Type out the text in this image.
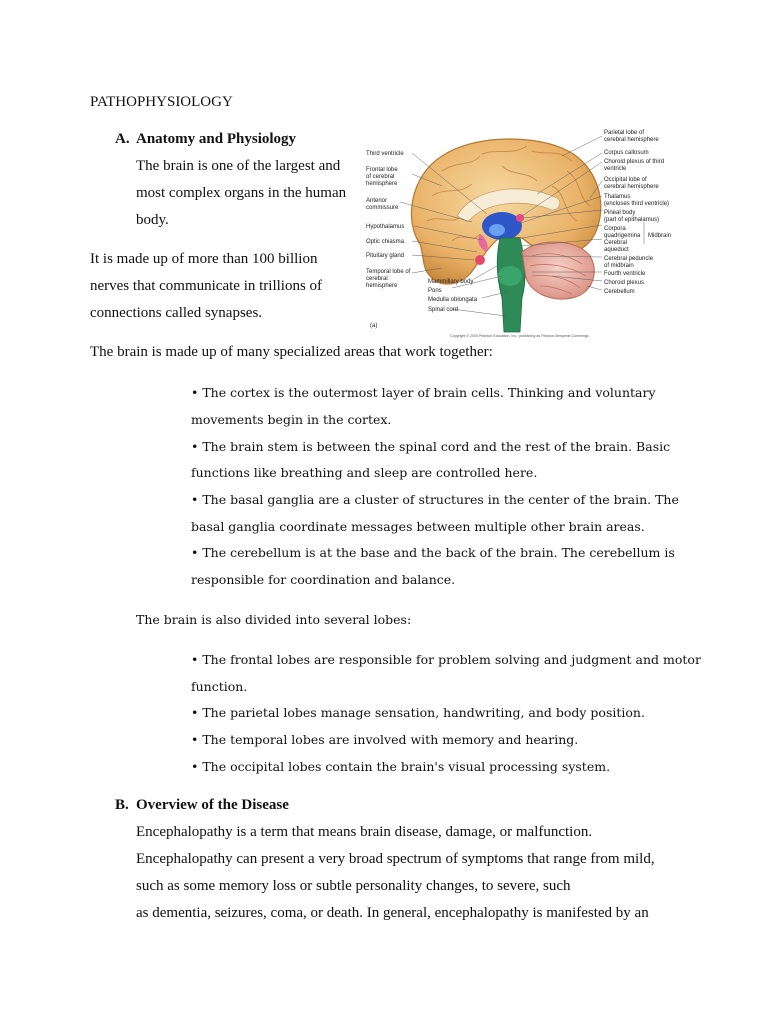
PATHOPHYSIOLOGY
A. Anatomy and Physiology
The brain is one of the largest and
most complex organs in the human
body.
It is made up of more than 100 billion
nerves that communicate in trillions of
connections called synapses.
Third ventricle
Frontal lobe
of cerebral
hemisphere
Anterior
commissure
Hypothalamus
Optic chiasma
Pituitary gland
Temporal lobe of
cerebral
hemisphere
Mammillary body
Pons
Medulla oblongata
Spinal cord
Parietal lobe of
cerebral hemisphere
Corpus callosum
Choroid plexus of third
ventricle
Occipital lobe of
cerebral hemisphere
Thalamus
(encloses third ventricle)
Pineal body
(part of epithalamus)
Corpora
quadrigemina
Cerebral
aqueduct
Cerebral peduncle
of midbrain
Fourth ventricle
Choroid plexus
Cerebellum
Midbrain
(a)
Copyright © 2005 Pearson Education, Inc., publishing as Pearson Benjamin Cummings
The brain is made up of many specialized areas that work together:
• The cortex is the outermost layer of brain cells. Thinking and voluntary
movements begin in the cortex.
• The brain stem is between the spinal cord and the rest of the brain. Basic
functions like breathing and sleep are controlled here.
• The basal ganglia are a cluster of structures in the center of the brain. The
basal ganglia coordinate messages between multiple other brain areas.
• The cerebellum is at the base and the back of the brain. The cerebellum is
responsible for coordination and balance.
The brain is also divided into several lobes:
• The frontal lobes are responsible for problem solving and judgment and motor
function.
• The parietal lobes manage sensation, handwriting, and body position.
• The temporal lobes are involved with memory and hearing.
• The occipital lobes contain the brain's visual processing system.
B. Overview of the Disease
Encephalopathy is a term that means brain disease, damage, or malfunction.
Encephalopathy can present a very broad spectrum of symptoms that range from mild,
such as some memory loss or subtle personality changes, to severe, such
as dementia, seizures, coma, or death. In general, encephalopathy is manifested by an
